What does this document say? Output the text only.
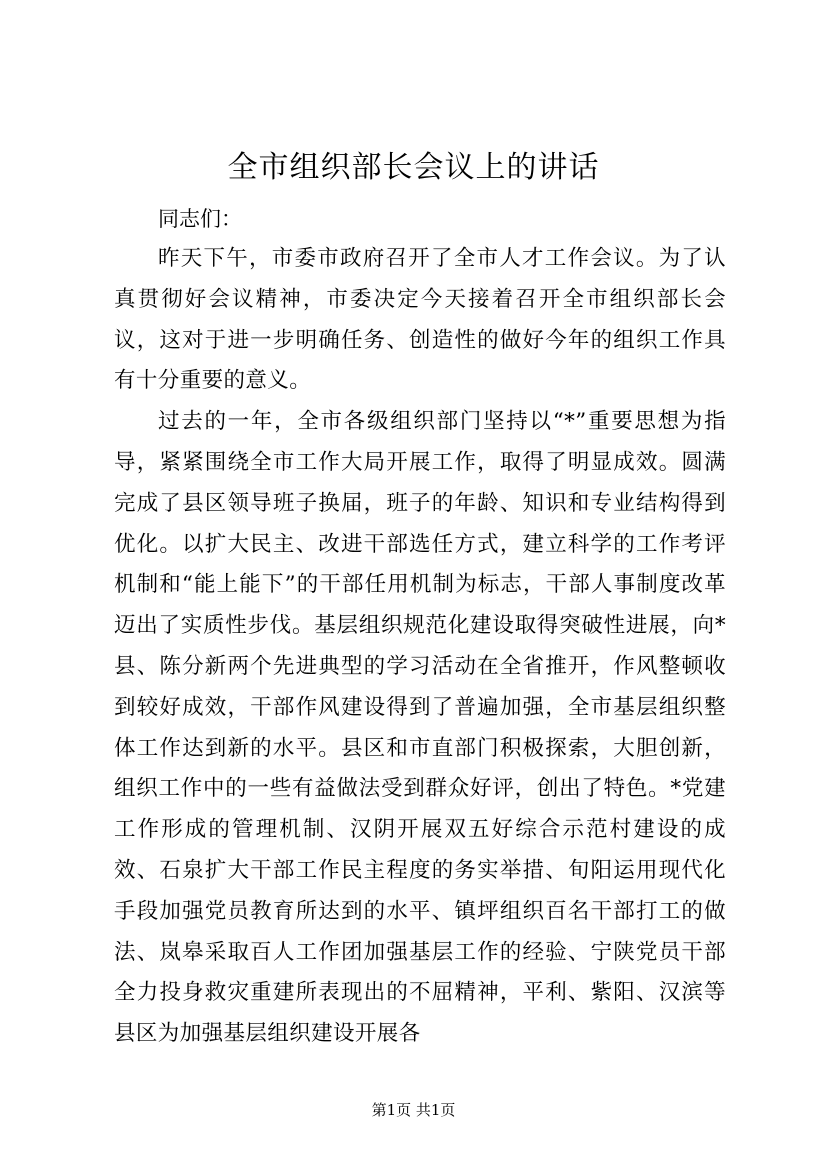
全市组织部长会议上的讲话

同志们：

昨天下午，市委市政府召开了全市人才工作会议。为了认真贯彻好会议精神，市委决定今天接着召开全市组织部长会议，这对于进一步明确任务、创造性的做好今年的组织工作具有十分重要的意义。

过去的一年，全市各级组织部门坚持以“*”重要思想为指导，紧紧围绕全市工作大局开展工作，取得了明显成效。圆满完成了县区领导班子换届，班子的年龄、知识和专业结构得到优化。以扩大民主、改进干部选任方式，建立科学的工作考评机制和“能上能下”的干部任用机制为标志，干部人事制度改革迈出了实质性步伐。基层组织规范化建设取得突破性进展，向*县、陈分新两个先进典型的学习活动在全省推开，作风整顿收到较好成效，干部作风建设得到了普遍加强，全市基层组织整体工作达到新的水平。县区和市直部门积极探索，大胆创新，组织工作中的一些有益做法受到群众好评，创出了特色。*党建工作形成的管理机制、汉阴开展双五好综合示范村建设的成效、石泉扩大干部工作民主程度的务实举措、旬阳运用现代化手段加强党员教育所达到的水平、镇坪组织百名干部打工的做法、岚皋采取百人工作团加强基层工作的经验、宁陕党员干部全力投身救灾重建所表现出的不屈精神，平利、紫阳、汉滨等县区为加强基层组织建设开展各

第1页 共1页
